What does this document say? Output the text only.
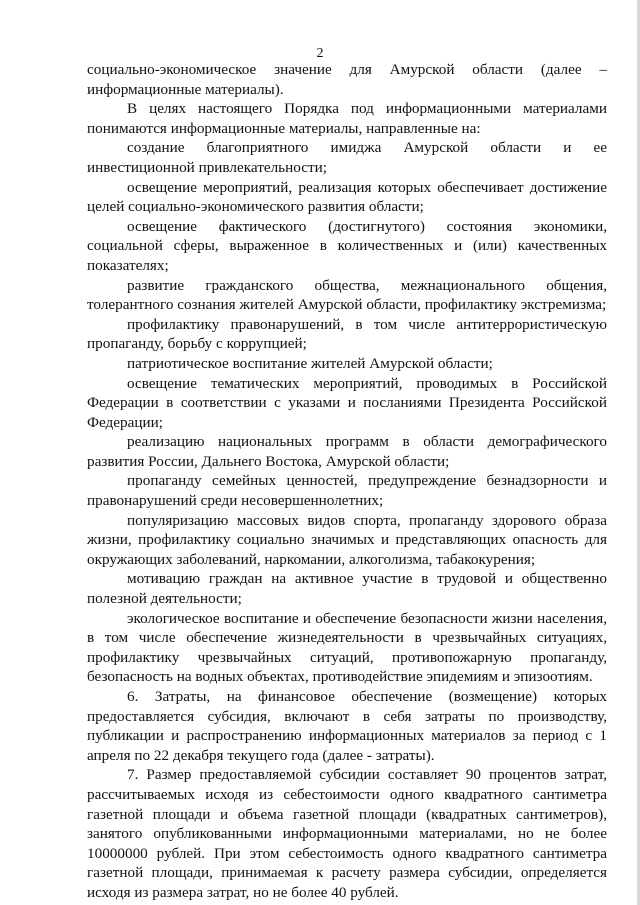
2

социально-экономическое значение для Амурской области (далее – информационные материалы).

В целях настоящего Порядка под информационными материалами понимаются информационные материалы, направленные на:

создание благоприятного имиджа Амурской области и ее инвестиционной привлекательности;

освещение мероприятий, реализация которых обеспечивает достижение целей социально-экономического развития области;

освещение фактического (достигнутого) состояния экономики, социальной сферы, выраженное в количественных и (или) качественных показателях;

развитие гражданского общества, межнационального общения, толерантного сознания жителей Амурской области, профилактику экстремизма;

профилактику правонарушений, в том числе антитеррористическую пропаганду, борьбу с коррупцией;

патриотическое воспитание жителей Амурской области;

освещение тематических мероприятий, проводимых в Российской Федерации в соответствии с указами и посланиями Президента Российской Федерации;

реализацию национальных программ в области демографического развития России, Дальнего Востока, Амурской области;

пропаганду семейных ценностей, предупреждение безнадзорности и правонарушений среди несовершеннолетних;

популяризацию массовых видов спорта, пропаганду здорового образа жизни, профилактику социально значимых и представляющих опасность для окружающих заболеваний, наркомании, алкоголизма, табакокурения;

мотивацию граждан на активное участие в трудовой и общественно полезной деятельности;

экологическое воспитание и обеспечение безопасности жизни населения, в том числе обеспечение жизнедеятельности в чрезвычайных ситуациях, профилактику чрезвычайных ситуаций, противопожарную пропаганду, безопасность на водных объектах, противодействие эпидемиям и эпизоотиям.

6. Затраты, на финансовое обеспечение (возмещение) которых предоставляется субсидия, включают в себя затраты по производству, публикации и распространению информационных материалов за период с 1 апреля по 22 декабря текущего года (далее - затраты).

7. Размер предоставляемой субсидии составляет 90 процентов затрат, рассчитываемых исходя из себестоимости одного квадратного сантиметра газетной площади и объема газетной площади (квадратных сантиметров), занятого опубликованными информационными материалами, но не более 10000000 рублей. При этом себестоимость одного квадратного сантиметра газетной площади, принимаемая к расчету размера субсидии, определяется исходя из размера затрат, но не более 40 рублей.
